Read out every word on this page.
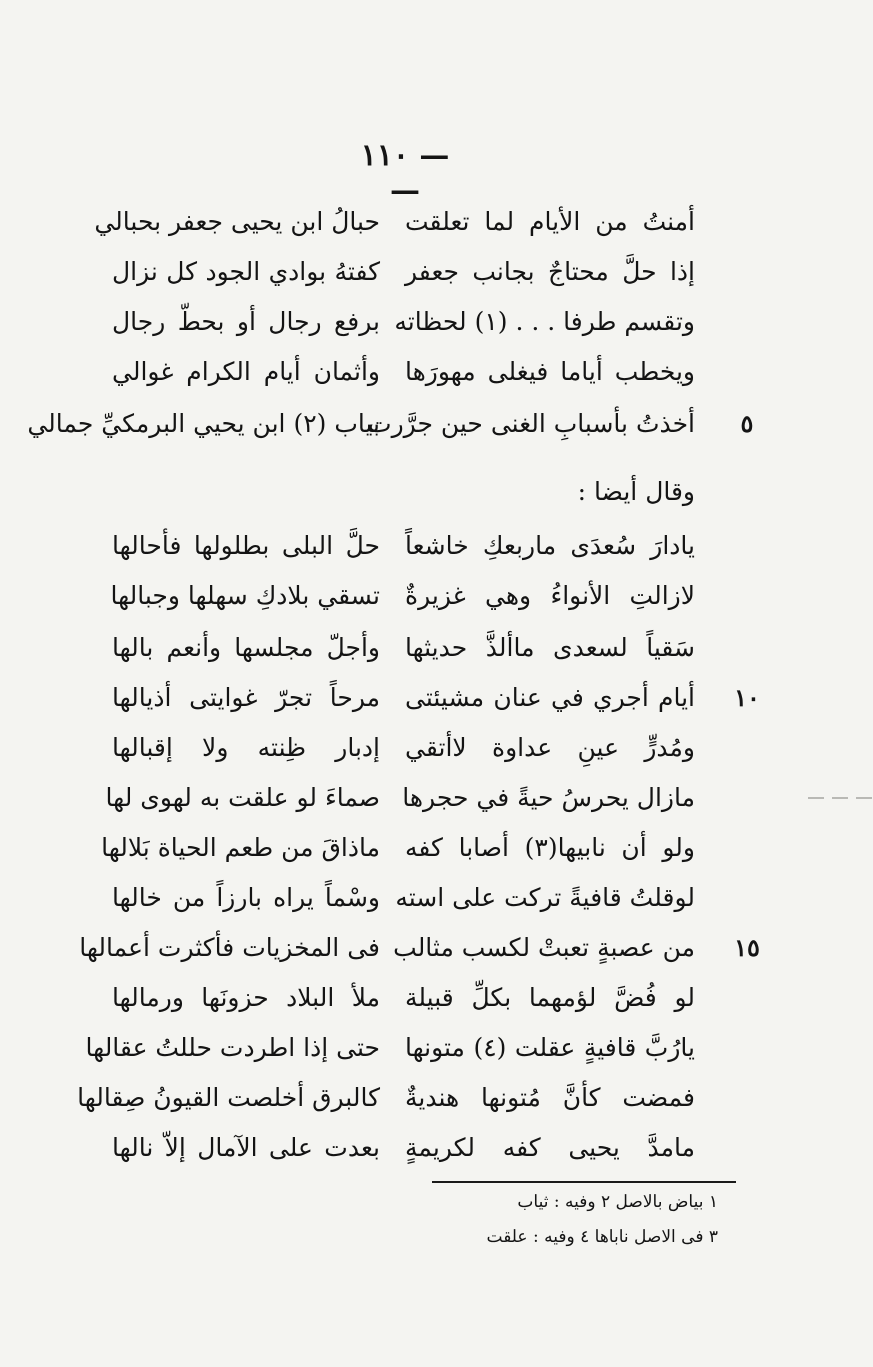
— ١١٠ —
أمنتُ من الأيام لما تعلقت
حبالُ ابن يحيى جعفر بحبالي
إذا حلَّ محتاجٌ بجانب جعفر
كفتهُ بوادي الجود كل نزال
وتقسم طرفا . . . (١) لحظاته
برفع رجال أو بحطّ رجال
ويخطب أياما فيغلى مهورَها
وأثمان أيام الكرام غوالي
٥
أخذتُ بأسبابِ الغنى حين جرَّرت
بياب (٢) ابن يحيي البرمكيِّ جمالي
يادارَ سُعدَى ماربعكِ خاشعاً
حلَّ البلى بطلولها فأحالها
لازالتِ الأنواءُ وهي غزيرةٌ
تسقي بلادكِ سهلها وجبالها
سَقياً لسعدى ماألذَّ حديثها
وأجلّ مجلسها وأنعم بالها
١٠
أيام أجري في عنان مشيئتى
مرحاً تجرّ غوايتى أذيالها
ومُدرٍّ عينِ عداوة لاأتقي
إدبار ظِنته ولا إقبالها
مازال يحرسُ حيةً في حجرها
صماءَ لو علقت به لهوى لها
ولو أن نابيها(٣) أصابا كفه
ماذاقَ من طعم الحياة بَلالها
لوقلتُ قافيةً تركت على استه
وسْماً يراه بارزاً من خالها
١٥
من عصبةٍ تعبتْ لكسب مثالب
فى المخزيات فأكثرت أعمالها
لو فُضَّ لؤمهما بكلِّ قبيلة
ملأ البلاد حزونَها ورمالها
يارُبَّ قافيةٍ عقلت (٤) متونها
حتى إذا اطردت حللتُ عقالها
فمضت كأنَّ مُتونها هنديةٌ
كالبرق أخلصت القيونُ صِقالها
مامدَّ يحيى كفه لكريمةٍ
بعدت على الآمال إلاّ نالها
وقال أيضا :
١ بياض بالاصل ٢ وفيه : ثياب
٣ فى الاصل نابا‌ها ٤ وفيه : علقت
